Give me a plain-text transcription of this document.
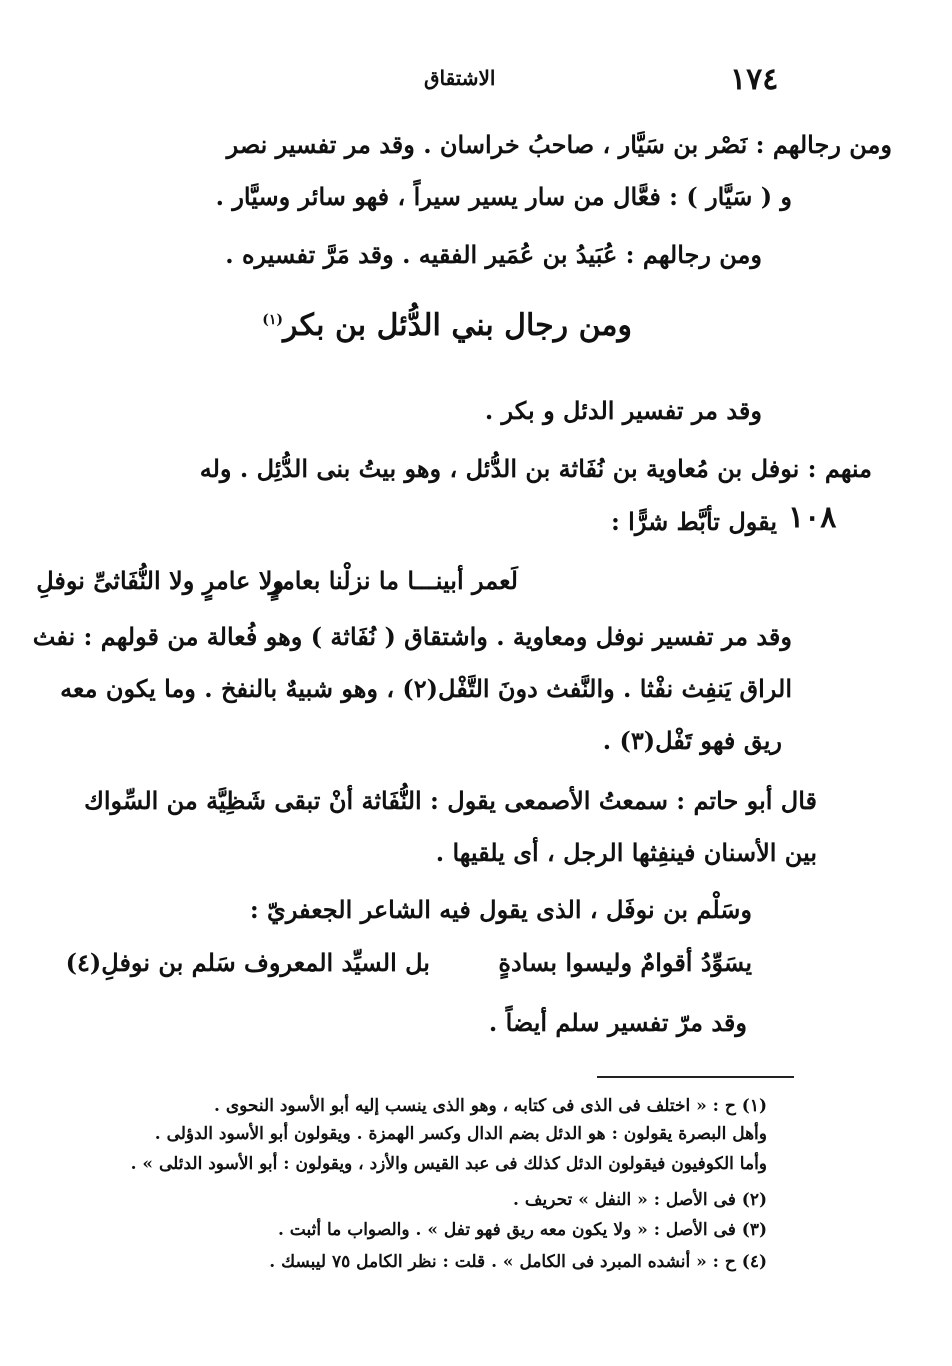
١٧٤
الاشتقاق
ومن رجالهم : نَصْر بن سَيَّار ، صاحبُ خراسان . وقد مر تفسير نصر
و ( سَيَّار ) : فعَّال من سار يسير سيراً ، فهو سائر وسيَّار .
ومن رجالهم : عُبَيدُ بن عُمَير الفقيه . وقد مَرَّ تفسيره .
ومن رجال بني الدُّئل بن بكر$^{(١)}$
وقد مر تفسير الدئل و بكر .
منهم : نوفل بن مُعاوية بن نُفَاثة بن الدُّئل ، وهو بيتُ بنى الدُّئِل . وله
١٠٨
يقول تأبَّط شرًّا :
لَعمر أبينـــا ما نزلْنا بعامرٍ
ولا عامرٍ ولا النُّفَاثىِّ نوفلِ
وقد مر تفسير نوفل ومعاوية . واشتقاق ( نُفَاثة ) وهو فُعالة من قولهم : نفث
الراق يَنفِث نفْثا . والنَّفث دونَ التَّفْل(٢) ، وهو شبيهٌ بالنفخ . وما يكون معه
ريق فهو تَفْل(٣) .
قال أبو حاتم : سمعتُ الأصمعى يقول : النُّفَاثة أنْ تبقى شَظِيَّة من السِّواك
بين الأسنان فينفِثها الرجل ، أى يلقيها .
وسَلْم بن نوفَل ، الذى يقول فيه الشاعر الجعفريّ :
يسَوِّدُ أقوامٌ وليسوا بسادةٍ
بل السيِّد المعروف سَلم بن نوفلِ(٤)
وقد مرّ تفسير سلم أيضاً .
(١) ح : « اختلف فى الذى فى كتابه ، وهو الذى ينسب إليه أبو الأسود النحوى .
وأهل البصرة يقولون : هو الدئل بضم الدال وكسر الهمزة . ويقولون أبو الأسود الدؤلى .
وأما الكوفيون فيقولون الدئل كذلك فى عبد القيس والأزد ، ويقولون : أبو الأسود الدئلى » .
(٢) فى الأصل : « النفل » تحريف .
(٣) فى الأصل : « ولا يكون معه ريق فهو تفل » . والصواب ما أثبت .
(٤) ح : « أنشده المبرد فى الكامل » . قلت : نظر الكامل ٧٥ ليبسك .
